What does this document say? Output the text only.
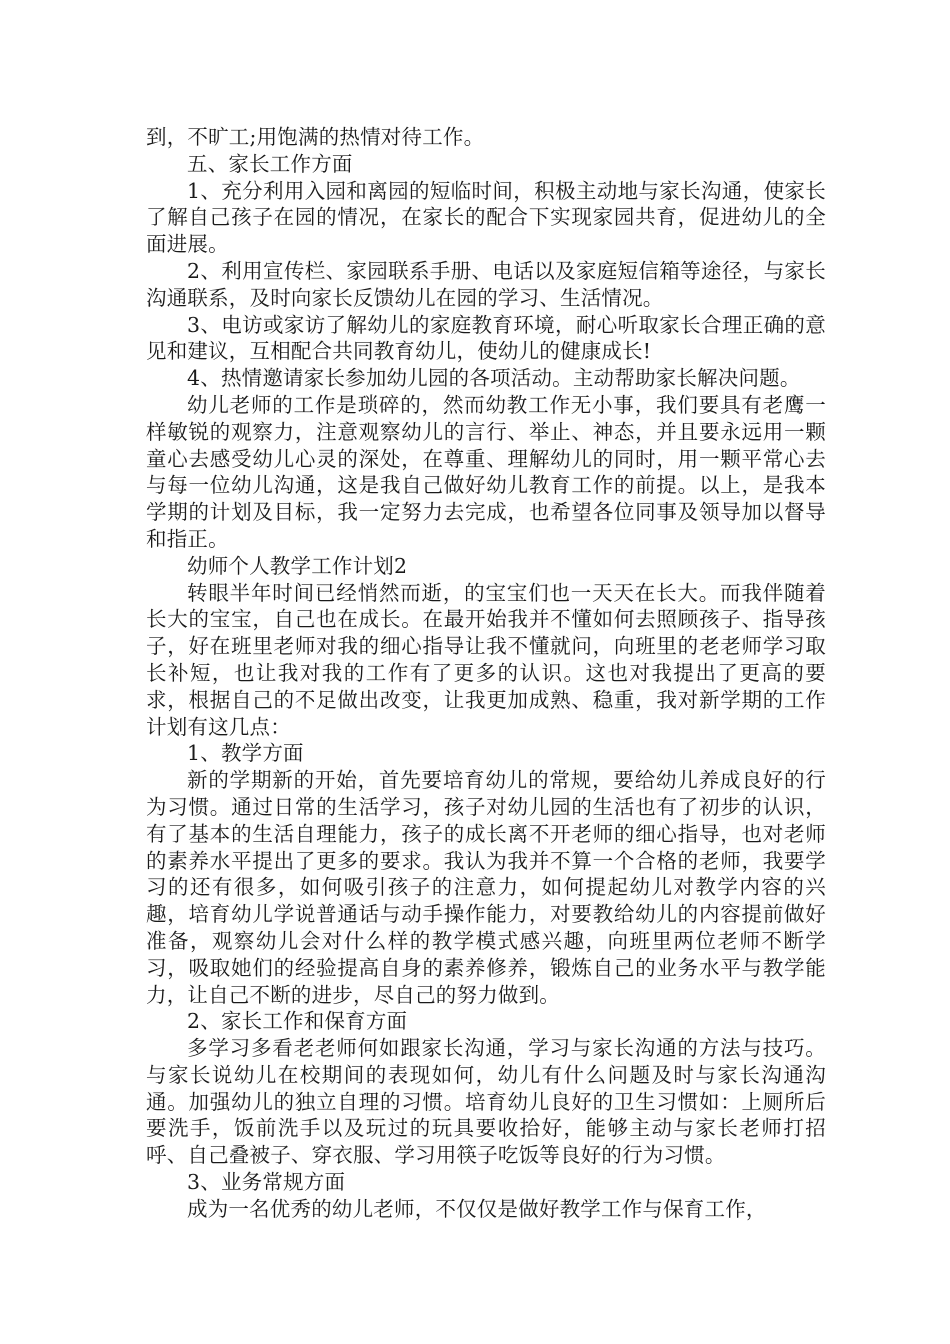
到，不旷工;用饱满的热情对待工作。

五、家长工作方面

1、充分利用入园和离园的短临时间，积极主动地与家长沟通，使家长了解自己孩子在园的情况，在家长的配合下实现家园共育，促进幼儿的全面进展。

2、利用宣传栏、家园联系手册、电话以及家庭短信箱等途径，与家长沟通联系，及时向家长反馈幼儿在园的学习、生活情况。

3、电访或家访了解幼儿的家庭教育环境，耐心听取家长合理正确的意见和建议，互相配合共同教育幼儿，使幼儿的健康成长!

4、热情邀请家长参加幼儿园的各项活动。主动帮助家长解决问题。

幼儿老师的工作是琐碎的，然而幼教工作无小事，我们要具有老鹰一样敏锐的观察力，注意观察幼儿的言行、举止、神态，并且要永远用一颗童心去感受幼儿心灵的深处，在尊重、理解幼儿的同时，用一颗平常心去与每一位幼儿沟通，这是我自己做好幼儿教育工作的前提。以上，是我本学期的计划及目标，我一定努力去完成，也希望各位同事及领导加以督导和指正。

幼师个人教学工作计划2

转眼半年时间已经悄然而逝，的宝宝们也一天天在长大。而我伴随着长大的宝宝，自己也在成长。在最开始我并不懂如何去照顾孩子、指导孩子，好在班里老师对我的细心指导让我不懂就问，向班里的老老师学习取长补短，也让我对我的工作有了更多的认识。这也对我提出了更高的要求，根据自己的不足做出改变，让我更加成熟、稳重，我对新学期的工作计划有这几点：

1、教学方面

新的学期新的开始，首先要培育幼儿的常规，要给幼儿养成良好的行为习惯。通过日常的生活学习，孩子对幼儿园的生活也有了初步的认识，有了基本的生活自理能力，孩子的成长离不开老师的细心指导，也对老师的素养水平提出了更多的要求。我认为我并不算一个合格的老师，我要学习的还有很多，如何吸引孩子的注意力，如何提起幼儿对教学内容的兴趣，培育幼儿学说普通话与动手操作能力，对要教给幼儿的内容提前做好准备，观察幼儿会对什么样的教学模式感兴趣，向班里两位老师不断学习，吸取她们的经验提高自身的素养修养，锻炼自己的业务水平与教学能力，让自己不断的进步，尽自己的努力做到。

2、家长工作和保育方面

多学习多看老老师何如跟家长沟通，学习与家长沟通的方法与技巧。与家长说幼儿在校期间的表现如何，幼儿有什么问题及时与家长沟通沟通。加强幼儿的独立自理的习惯。培育幼儿良好的卫生习惯如：上厕所后要洗手，饭前洗手以及玩过的玩具要收拾好，能够主动与家长老师打招呼、自己叠被子、穿衣服、学习用筷子吃饭等良好的行为习惯。

3、业务常规方面

成为一名优秀的幼儿老师，不仅仅是做好教学工作与保育工作，
